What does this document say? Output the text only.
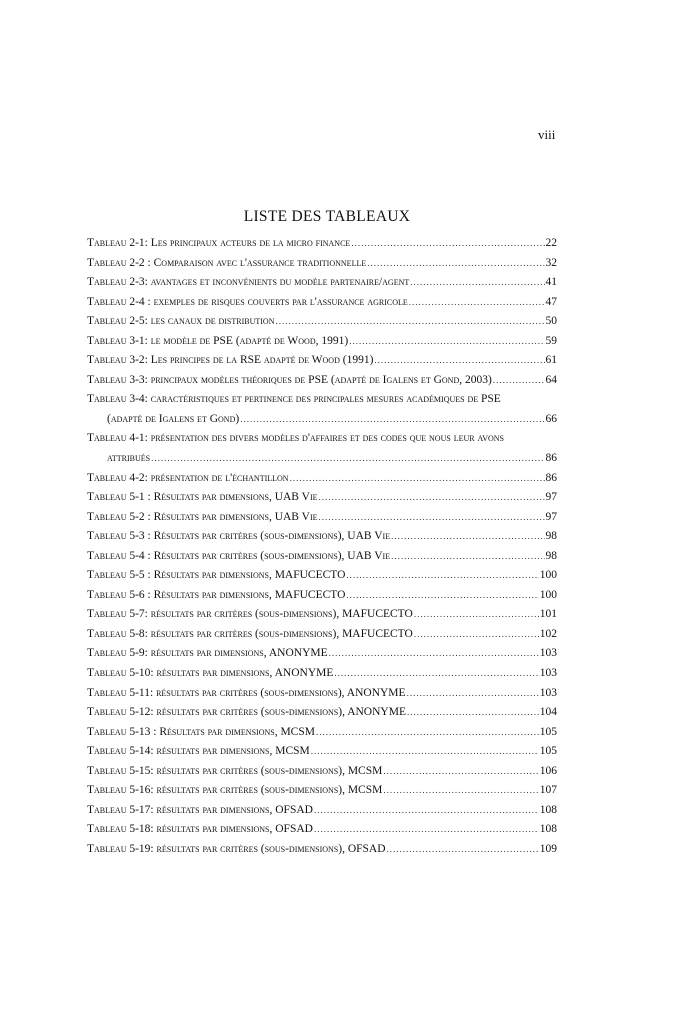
viii
LISTE DES TABLEAUX
Tableau 2-1: Les principaux acteurs de la micro finance .....	22
Tableau 2-2 : Comparaison avec l'assurance traditionnelle .....	32
Tableau 2-3: avantages et inconvénients du modèle partenaire/agent .....	41
Tableau 2-4 : exemples de risques couverts par l'assurance agricole .....	47
Tableau 2-5: les canaux de distribution .....	50
Tableau 3-1: le modèle de PSE (adapté de Wood, 1991) .....	59
Tableau 3-2: Les principes de la RSE adapté de Wood (1991) .....	61
Tableau 3-3: principaux modèles théoriques de PSE (adapté de Igalens et Gond, 2003) .....	64
Tableau 3-4: caractéristiques et pertinence des principales mesures académiques de PSE
(adapté de Igalens et Gond) .....	66
Tableau 4-1: présentation des divers modèles d'affaires et des codes que nous leur avons
attribués .....	86
Tableau 4-2: présentation de l'échantillon .....	86
Tableau 5-1 : Résultats par dimensions, UAB Vie .....	97
Tableau 5-2 : Résultats par dimensions, UAB Vie .....	97
Tableau 5-3 : Résultats par critères (sous-dimensions), UAB Vie .....	98
Tableau 5-4 : Résultats par critères (sous-dimensions), UAB Vie .....	98
Tableau 5-5 : Résultats par dimensions, MAFUCECTO .....	100
Tableau 5-6 : Résultats par dimensions, MAFUCECTO .....	100
Tableau 5-7: résultats par critères (sous-dimensions), MAFUCECTO .....	101
Tableau 5-8: résultats par critères (sous-dimensions), MAFUCECTO .....	102
Tableau 5-9: résultats par dimensions, ANONYME .....	103
Tableau 5-10: résultats par dimensions, ANONYME .....	103
Tableau 5-11: résultats par critères (sous-dimensions), ANONYME .....	103
Tableau 5-12: résultats par critères (sous-dimensions), ANONYME .....	104
Tableau 5-13 : Résultats par dimensions, MCSM .....	105
Tableau 5-14: résultats par dimensions, MCSM .....	105
Tableau 5-15: résultats par critères (sous-dimensions), MCSM .....	106
Tableau 5-16: résultats par critères (sous-dimensions), MCSM .....	107
Tableau 5-17: résultats par dimensions, OFSAD .....	108
Tableau 5-18: résultats par dimensions, OFSAD .....	108
Tableau 5-19: résultats par critères (sous-dimensions), OFSAD .....	109
